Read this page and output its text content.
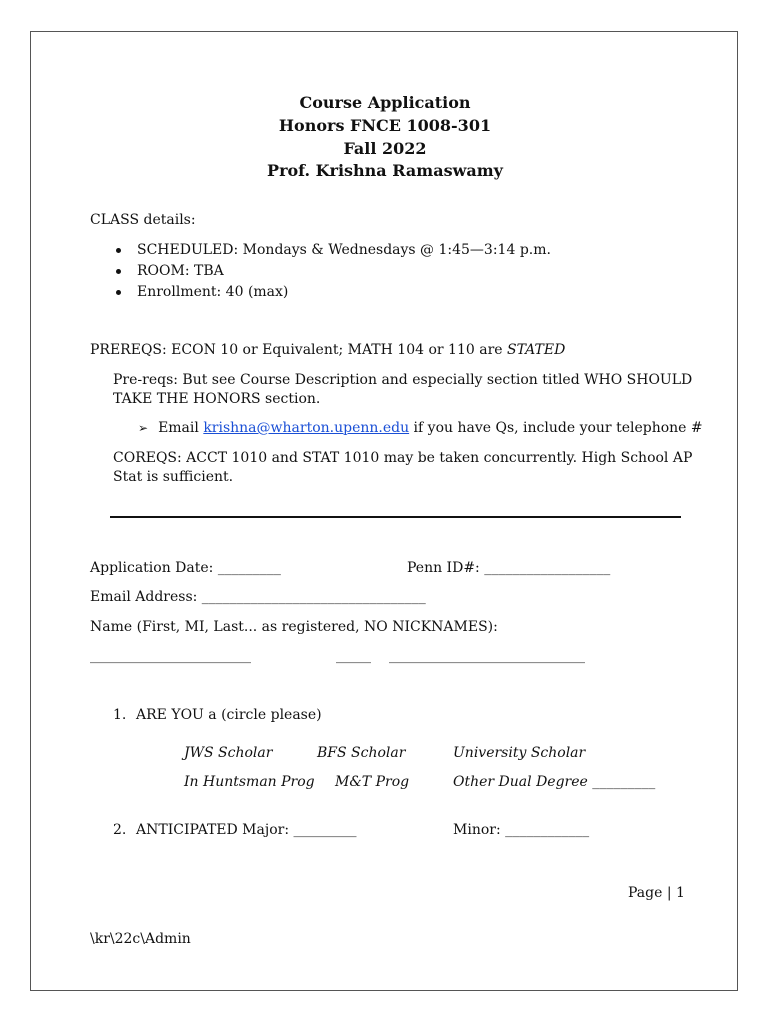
Course Application
Honors FNCE 1008-301
Fall 2022
Prof. Krishna Ramaswamy
CLASS details:
SCHEDULED: Mondays & Wednesdays @ 1:45—3:14 p.m.
ROOM: TBA
Enrollment: 40 (max)
PREREQS: ECON 10 or Equivalent; MATH 104 or 110 are STATED
Pre-reqs: But see Course Description and especially section titled WHO SHOULD
TAKE THE HONORS section.
➢ Email krishna@wharton.upenn.edu if you have Qs, include your telephone #
COREQS: ACCT 1010 and STAT 1010 may be taken concurrently. High School AP
Stat is sufficient.
Application Date: _________	Penn ID#: __________________
Email Address: ________________________________
Name (First, MI, Last... as registered, NO NICKNAMES):
_______________________	_____ ____________________________
1. ARE YOU a (circle please)
JWS Scholar	BFS Scholar	University Scholar
In Huntsman Prog M&T Prog	Other Dual Degree _________
2. ANTICIPATED Major: _________	Minor: ____________
Page | 1
\kr\22c\Admin
